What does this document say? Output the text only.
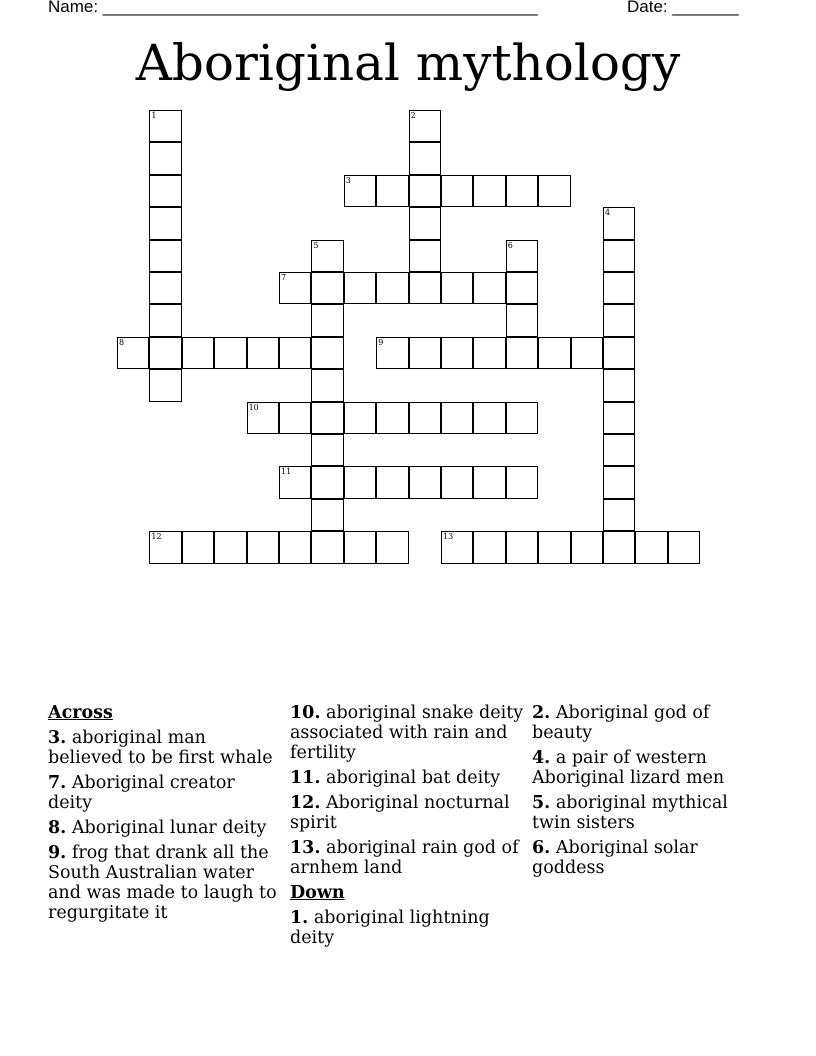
Name: ______________________________________________	Date: _______
Aboriginal mythology
1	2
3
4
5	6
7
8	9
10
11
12	13
Across
3. aboriginal man believed to be first whale
7. Aboriginal creator deity
8. Aboriginal lunar deity
9. frog that drank all the South Australian water and was made to laugh to regurgitate it
10. aboriginal snake deity associated with rain and fertility
11. aboriginal bat deity
12. Aboriginal nocturnal spirit
13. aboriginal rain god of arnhem land
Down
1. aboriginal lightning deity
2. Aboriginal god of beauty
4. a pair of western Aboriginal lizard men
5. aboriginal mythical twin sisters
6. Aboriginal solar goddess
